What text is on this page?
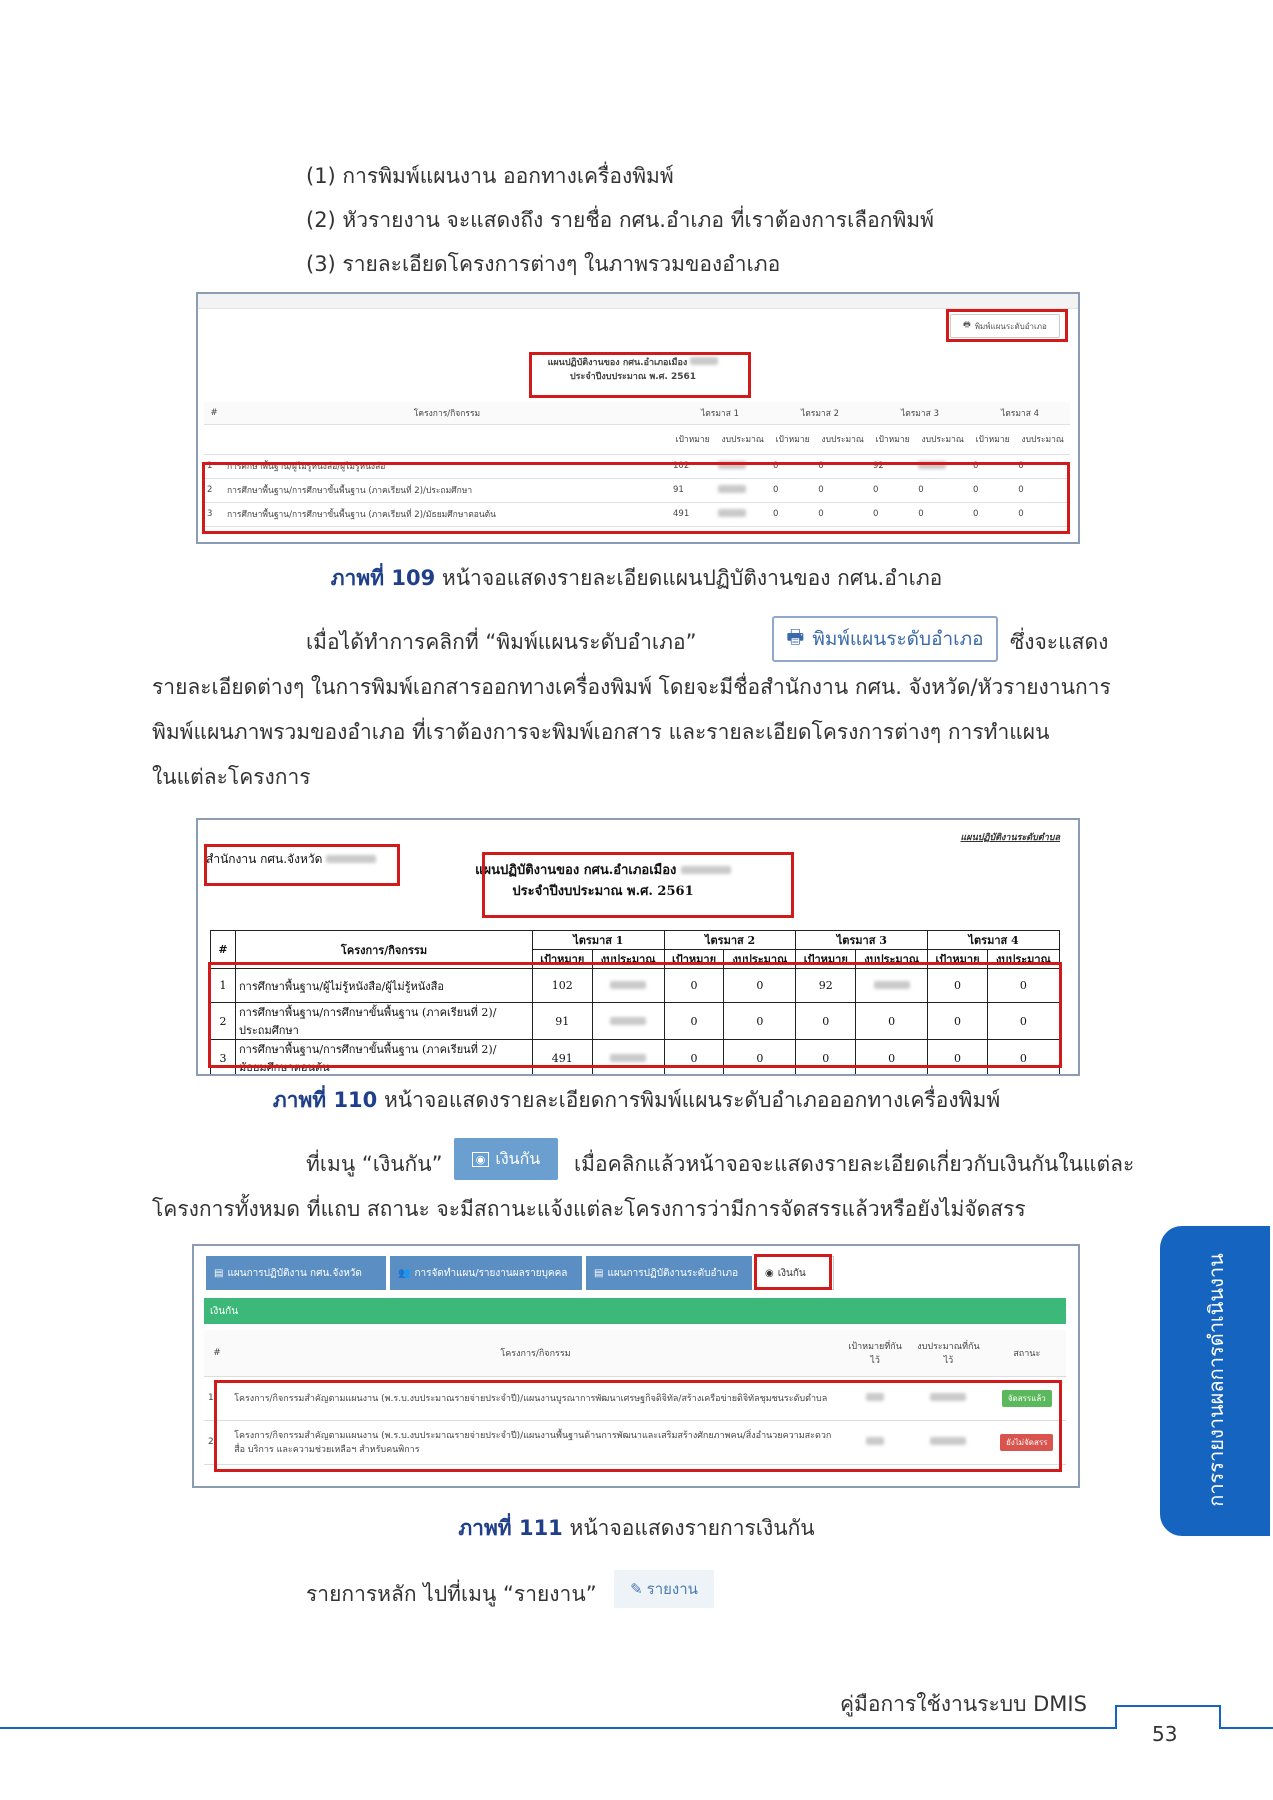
(1) การพิมพ์แผนงาน ออกทางเครื่องพิมพ์
(2) หัวรายงาน จะแสดงถึง รายชื่อ กศน.อำเภอ ที่เราต้องการเลือกพิมพ์
(3) รายละเอียดโครงการต่างๆ ในภาพรวมของอำเภอ
🖶 พิมพ์แผนระดับอำเภอ
แผนปฏิบัติงานของ กศน.อำเภอเมือง
ประจำปีงบประมาณ พ.ศ. 2561
#	โครงการ/กิจกรรม	ไตรมาส 1		ไตรมาส 2		ไตรมาส 3		ไตรมาส 4	
		เป้าหมาย	งบประมาณ	เป้าหมาย	งบประมาณ	เป้าหมาย	งบประมาณ	เป้าหมาย	งบประมาณ
1	การศึกษาพื้นฐาน/ผู้ไม่รู้หนังสือ/ผู้ไม่รู้หนังสือ	102		0	0	92		0	0
2	การศึกษาพื้นฐาน/การศึกษาขั้นพื้นฐาน (ภาคเรียนที่ 2)/ประถมศึกษา	91		0	0	0	0	0	0
3	การศึกษาพื้นฐาน/การศึกษาขั้นพื้นฐาน (ภาคเรียนที่ 2)/มัธยมศึกษาตอนต้น	491		0	0	0	0	0	0
ภาพที่ 109 หน้าจอแสดงรายละเอียดแผนปฏิบัติงานของ กศน.อำเภอ
เมื่อได้ทำการคลิกที่ “พิมพ์แผนระดับอำเภอ”	🖶 พิมพ์แผนระดับอำเภอ ซึ่งจะแสดง
รายละเอียดต่างๆ ในการพิมพ์เอกสารออกทางเครื่องพิมพ์ โดยจะมีชื่อสำนักงาน กศน. จังหวัด/หัวรายงานการ
พิมพ์แผนภาพรวมของอำเภอ ที่เราต้องการจะพิมพ์เอกสาร และรายละเอียดโครงการต่างๆ การทำแผน
ในแต่ละโครงการ
แผนปฏิบัติงานระดับตำบล
สำนักงาน กศน.จังหวัด
แผนปฏิบัติงานของ กศน.อำเภอเมือง
ประจำปีงบประมาณ พ.ศ. 2561
#	โครงการ/กิจกรรม	ไตรมาส 1		ไตรมาส 2		ไตรมาส 3		ไตรมาส 4	
		เป้าหมาย	งบประมาณ	เป้าหมาย	งบประมาณ	เป้าหมาย	งบประมาณ	เป้าหมาย	งบประมาณ
1	การศึกษาพื้นฐาน/ผู้ไม่รู้หนังสือ/ผู้ไม่รู้หนังสือ	102		0	0	92		0	0
2	การศึกษาพื้นฐาน/การศึกษาขั้นพื้นฐาน (ภาคเรียนที่ 2)/ประถมศึกษา	91		0	0	0	0	0	0
3	การศึกษาพื้นฐาน/การศึกษาขั้นพื้นฐาน (ภาคเรียนที่ 2)/มัธยมศึกษาตอนต้น	491		0	0	0	0	0	0
ภาพที่ 110 หน้าจอแสดงรายละเอียดการพิมพ์แผนระดับอำเภอออกทางเครื่องพิมพ์
ที่เมนู “เงินกัน”	◉ เงินกัน เมื่อคลิกแล้วหน้าจอจะแสดงรายละเอียดเกี่ยวกับเงินกันในแต่ละ
โครงการทั้งหมด ที่แถบ สถานะ จะมีสถานะแจ้งแต่ละโครงการว่ามีการจัดสรรแล้วหรือยังไม่จัดสรร
▤ แผนการปฏิบัติงาน กศน.จังหวัด	👥 การจัดทำแผน/รายงานผลรายบุคคล	▤ แผนการปฏิบัติงานระดับอำเภอ	◉ เงินกัน
เงินกัน
#	โครงการ/กิจกรรม	เป้าหมายที่กันไว้	งบประมาณที่กันไว้	สถานะ
1	โครงการ/กิจกรรมสำคัญตามแผนงาน (พ.ร.บ.งบประมาณรายจ่ายประจำปี)/แผนงานบูรณาการพัฒนาเศรษฐกิจดิจิทัล/สร้างเครือข่ายดิจิทัลชุมชนระดับตำบล			จัดสรรแล้ว
2	โครงการ/กิจกรรมสำคัญตามแผนงาน (พ.ร.บ.งบประมาณรายจ่ายประจำปี)/แผนงานพื้นฐานด้านการพัฒนาและเสริมสร้างศักยภาพคน/สิ่งอำนวยความสะดวก สื่อ บริการ และความช่วยเหลือฯ สำหรับคนพิการ			ยังไม่จัดสรร
ภาพที่ 111 หน้าจอแสดงรายการเงินกัน
รายการหลัก ไปที่เมนู “รายงาน” ✎ รายงาน
การรายงานผลการดำเนินงาน
คู่มือการใช้งานระบบ DMIS
53
